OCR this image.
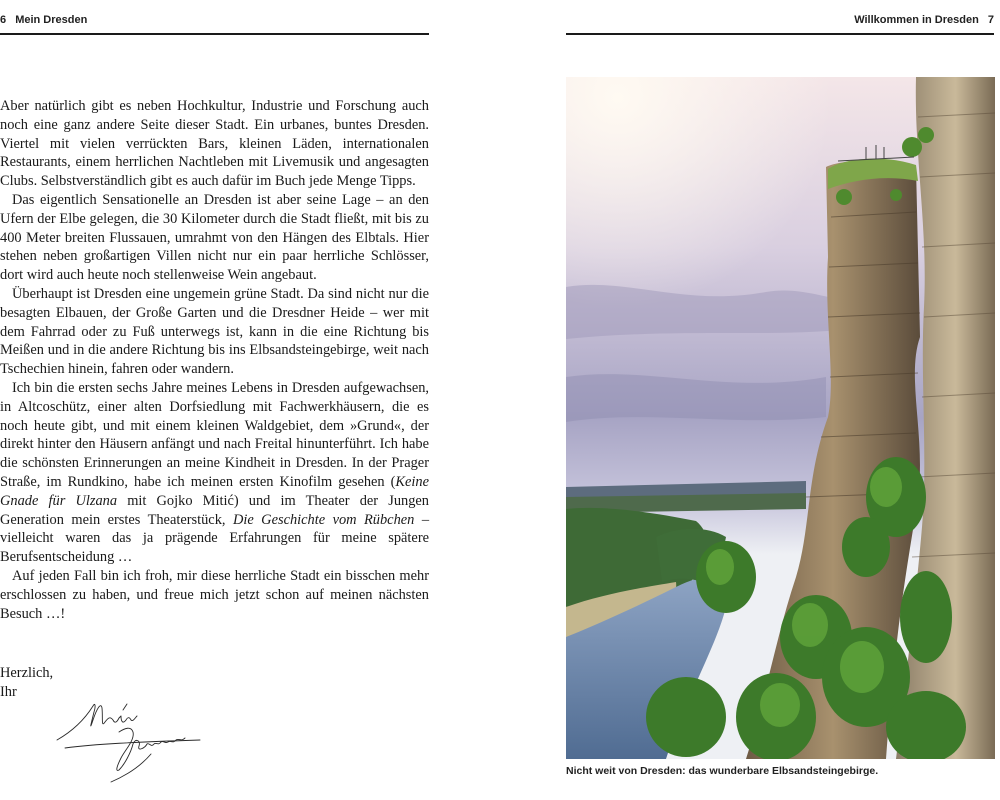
6 Mein Dresden	Willkommen in Dresden 7

Aber natürlich gibt es neben Hochkultur, Industrie und Forschung auch noch eine ganz andere Seite dieser Stadt. Ein urbanes, buntes Dresden. Viertel mit vielen verrückten Bars, kleinen Läden, internationalen Restaurants, einem herrlichen Nachtleben mit Livemusik und angesagten Clubs. Selbstverständlich gibt es auch dafür im Buch jede Menge Tipps.

Das eigentlich Sensationelle an Dresden ist aber seine Lage – an den Ufern der Elbe gelegen, die 30 Kilometer durch die Stadt fließt, mit bis zu 400 Meter breiten Flussauen, umrahmt von den Hängen des Elbtals. Hier stehen neben großartigen Villen nicht nur ein paar herrliche Schlösser, dort wird auch heute noch stellenweise Wein angebaut.

Überhaupt ist Dresden eine ungemein grüne Stadt. Da sind nicht nur die besagten Elbauen, der Große Garten und die Dresdner Heide – wer mit dem Fahrrad oder zu Fuß unterwegs ist, kann in die eine Richtung bis Meißen und in die andere Richtung bis ins Elbsandsteingebirge, weit nach Tschechien hinein, fahren oder wandern.

Ich bin die ersten sechs Jahre meines Lebens in Dresden aufgewachsen, in Altcoschütz, einer alten Dorfsiedlung mit Fachwerkhäusern, die es noch heute gibt, und mit einem kleinen Waldgebiet, dem »Grund«, der direkt hinter den Häusern anfängt und nach Freital hinunterführt. Ich habe die schönsten Erinnerungen an meine Kindheit in Dresden. In der Prager Straße, im Rundkino, habe ich meinen ersten Kinofilm gesehen (Keine Gnade für Ulzana mit Gojko Mitić) und im Theater der Jungen Generation mein erstes Theaterstück, Die Geschichte vom Rübchen – vielleicht waren das ja prägende Erfahrungen für meine spätere Berufsentscheidung …

Auf jeden Fall bin ich froh, mir diese herrliche Stadt ein bisschen mehr erschlossen zu haben, und freue mich jetzt schon auf meinen nächsten Besuch …!

Herzlich,
Ihr
Nicht weit von Dresden: das wunderbare Elbsandsteingebirge.
